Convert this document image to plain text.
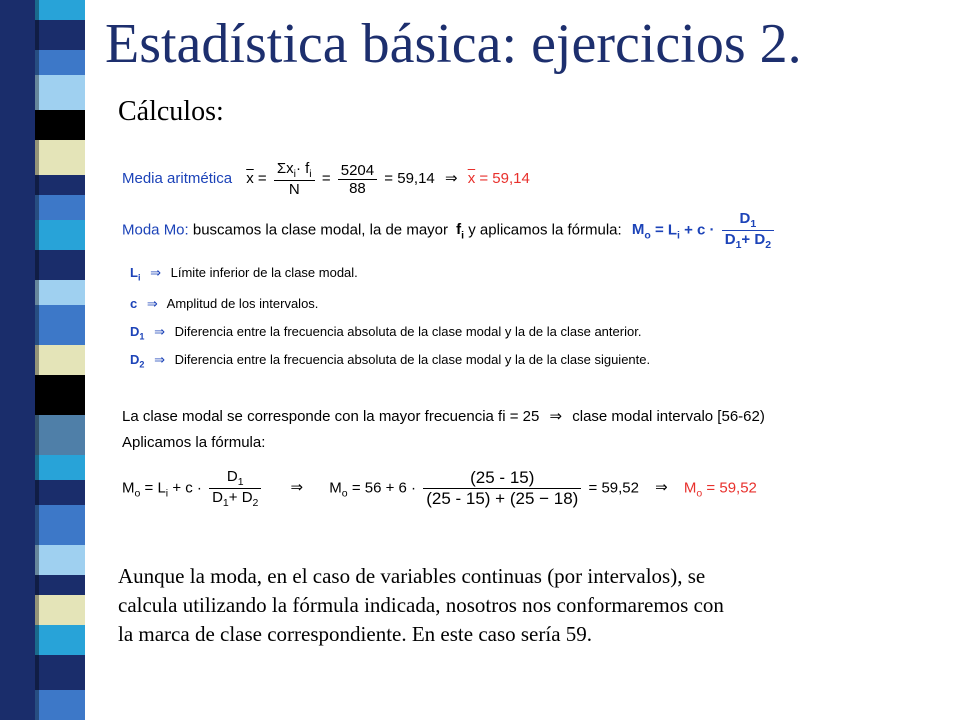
Estadística básica: ejercicios 2.
Cálculos:
Media aritmética $\overline{x} = \frac{\Sigma x_i\cdot f_i}{N} = \frac{5204}{88} = 59,14$ ⇒ $\overline{x} = 59,14$
Moda Mo: buscamos la clase modal, la de mayor $f_i$ y aplicamos la fórmula: $M_o = L_i + c \cdot \frac{D_1}{D_1+ D_2}$
$L_i$ ⇒ Límite inferior de la clase modal.
c ⇒ Amplitud de los intervalos.
$D_1$ ⇒ Diferencia entre la frecuencia absoluta de la clase modal y la de la clase anterior.
$D_2$ ⇒ Diferencia entre la frecuencia absoluta de la clase modal y la de la clase siguiente.
La clase modal se corresponde con la mayor frecuencia fi = 25 ⇒ clase modal intervalo [56-62)
Aplicamos la fórmula:
$M_o = L_i + c \cdot \frac{D_1}{D_1+ D_2}$ ⇒ $M_o = 56 + 6 \cdot \frac{(25 - 15)}{(25 - 15) + (25 - 18)} = 59,52$ ⇒ $M_o = 59,52$

Aunque la moda, en el caso de variables continuas (por intervalos), se

calcula utilizando la fórmula indicada, nosotros nos conformaremos con

la marca de clase correspondiente. En este caso sería 59.
